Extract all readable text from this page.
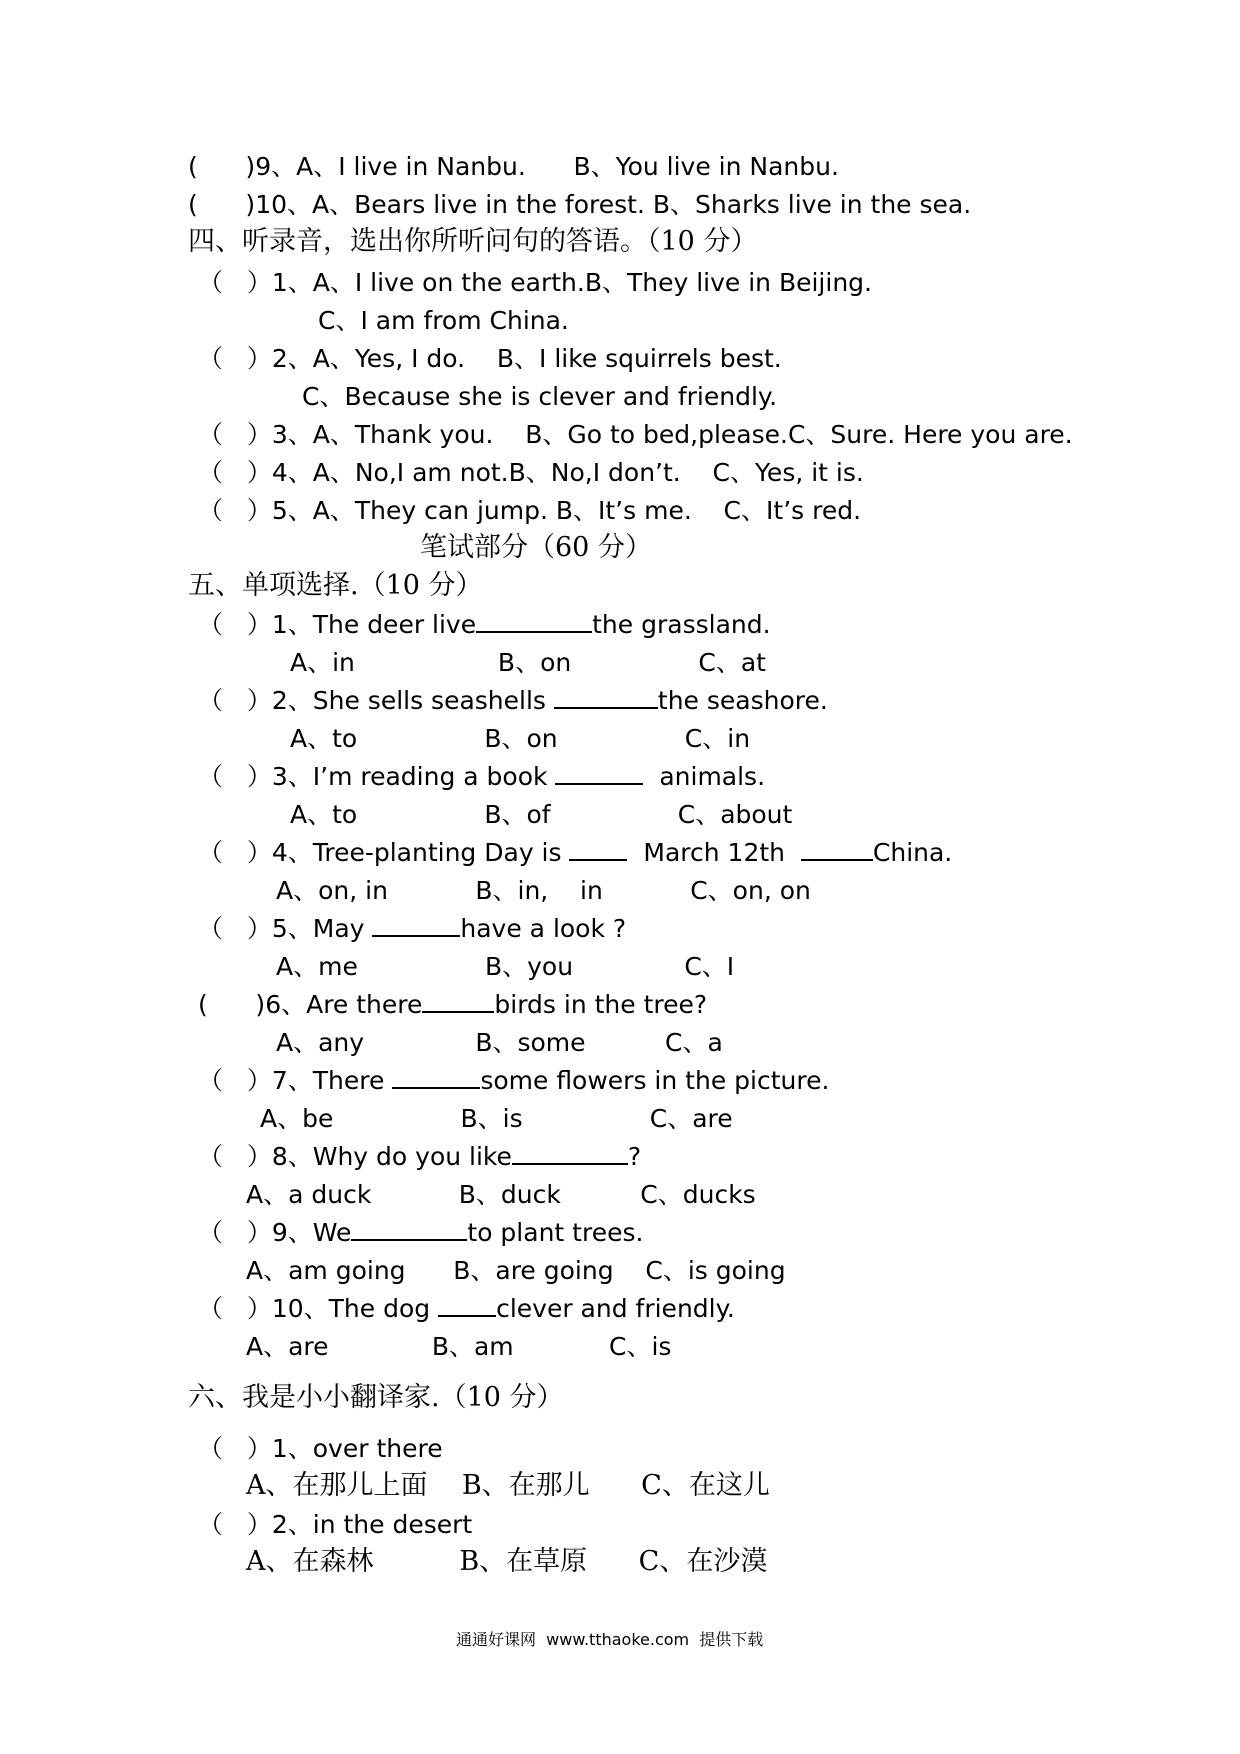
(      )9、A、I live in Nanbu.      B、You live in Nanbu.
(      )10、A、Bears live in the forest. B、Sharks live in the sea.
四、听录音，选出你所听问句的答语。（10 分）
（   ）1、A、I live on the earth.B、They live in Beijing.
C、I am from China.
（   ）2、A、Yes, I do.    B、I like squirrels best.
C、Because she is clever and friendly.
（   ）3、A、Thank you.    B、Go to bed,please.C、Sure. Here you are.
（   ）4、A、No,I am not.B、No,I don’t.    C、Yes, it is.
（   ）5、A、They can jump. B、It’s me.    C、It’s red.
笔试部分（60 分）
五、单项选择.（10 分）
（   ）1、The deer live	the grassland.
A、in                  B、on                C、at
（   ）2、She sells seashells	the seashore.
A、to                B、on                C、in
（   ）3、I’m reading a book	animals.
A、to                B、of                C、about
（   ）4、Tree-planting Day is   March 12th	China.
A、on, in           B、in,    in           C、on, on
（   ）5、May	have a look ?
A、me                B、you              C、I
(      )6、Are there	birds in the tree?
A、any              B、some          C、a
（   ）7、There	some flowers in the picture.
A、be                B、is                C、are
（   ）8、Why do you like	?
A、a duck           B、duck          C、ducks
（   ）9、We	to plant trees.
A、am going      B、are going    C、is going
（   ）10、The dog clever and friendly.
A、are             B、am            C、is
六、我是小小翻译家.（10 分）
（   ）1、over there
A、在那儿上面    B、在那儿      C、在这儿
（   ）2、in the desert
A、在森林          B、在草原      C、在沙漠
通通好课网  www.tthaoke.com  提供下载
